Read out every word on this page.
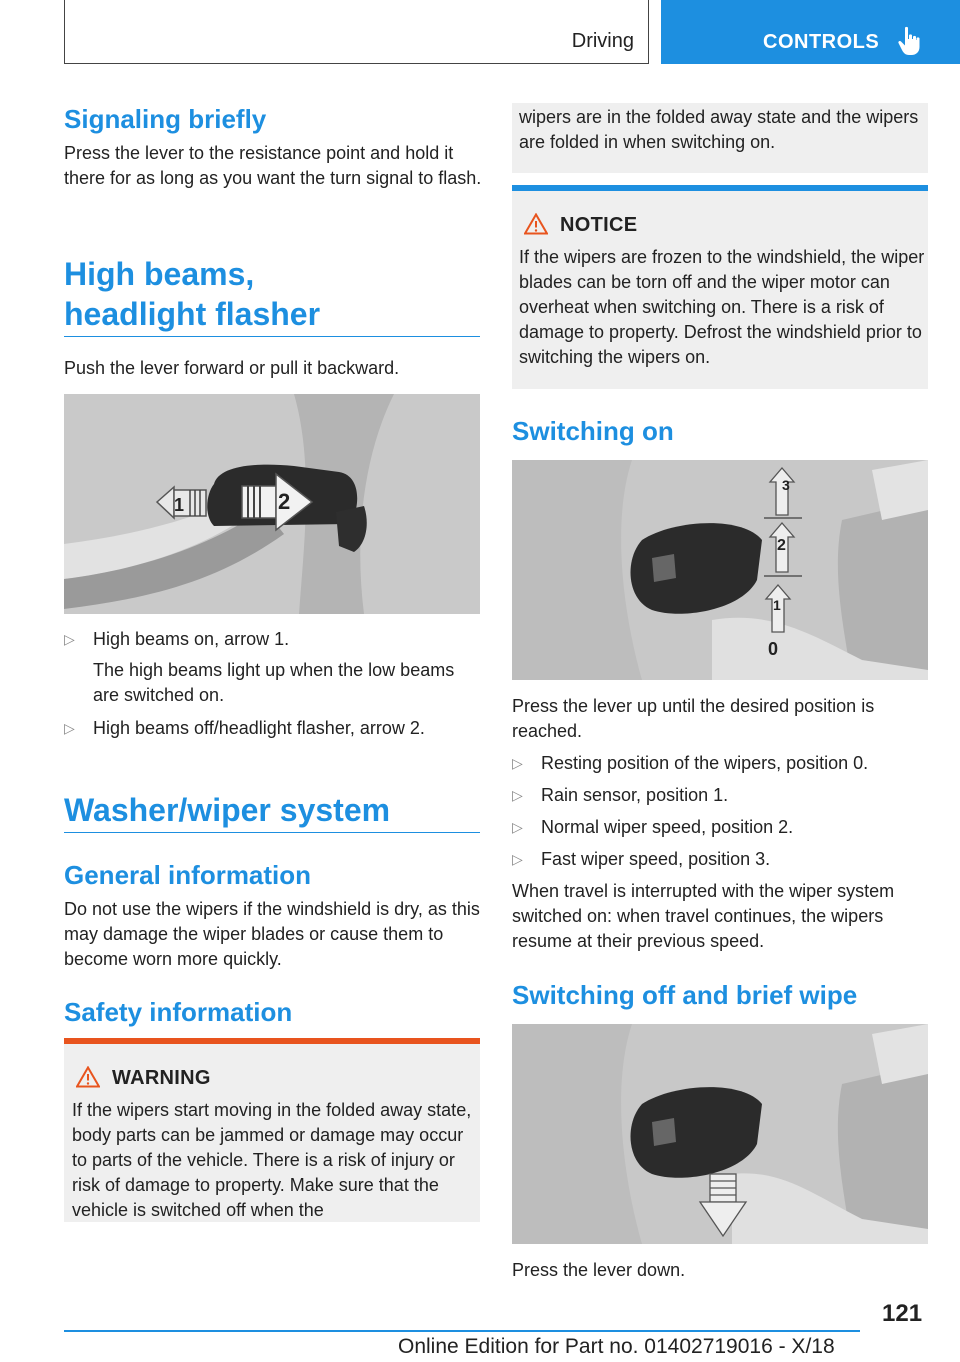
Driving	CONTROLS
Signaling briefly

Press the lever to the resistance point and hold it there for as long as you want the turn signal to flash.

High beams,
headlight flasher

Push the lever forward or pull it backward.

1	2
▷ High beams on, arrow 1.
The high beams light up when the low beams are switched on.
▷ High beams off/headlight flasher, arrow 2.
Washer/wiper system
General information

Do not use the wipers if the windshield is dry, as this may damage the wiper blades or cause them to become worn more quickly.

Safety information
WARNING

If the wipers start moving in the folded away state, body parts can be jammed or damage may occur to parts of the vehicle. There is a risk of injury or risk of damage to property. Make sure that the vehicle is switched off when the

wipers are in the folded away state and the wipers are folded in when switching on.

NOTICE

If the wipers are frozen to the windshield, the wiper blades can be torn off and the wiper motor can overheat when switching on. There is a risk of damage to property. Defrost the windshield prior to switching the wipers on.

Switching on
3
2
1
0

Press the lever up until the desired position is reached.

▷ Resting position of the wipers, position 0.
▷ Rain sensor, position 1.
▷ Normal wiper speed, position 2.
▷ Fast wiper speed, position 3.

When travel is interrupted with the wiper system switched on: when travel continues, the wipers resume at their previous speed.

Switching off and brief wipe

Press the lever down.

121
Online Edition for Part no. 01402719016 - X/18
